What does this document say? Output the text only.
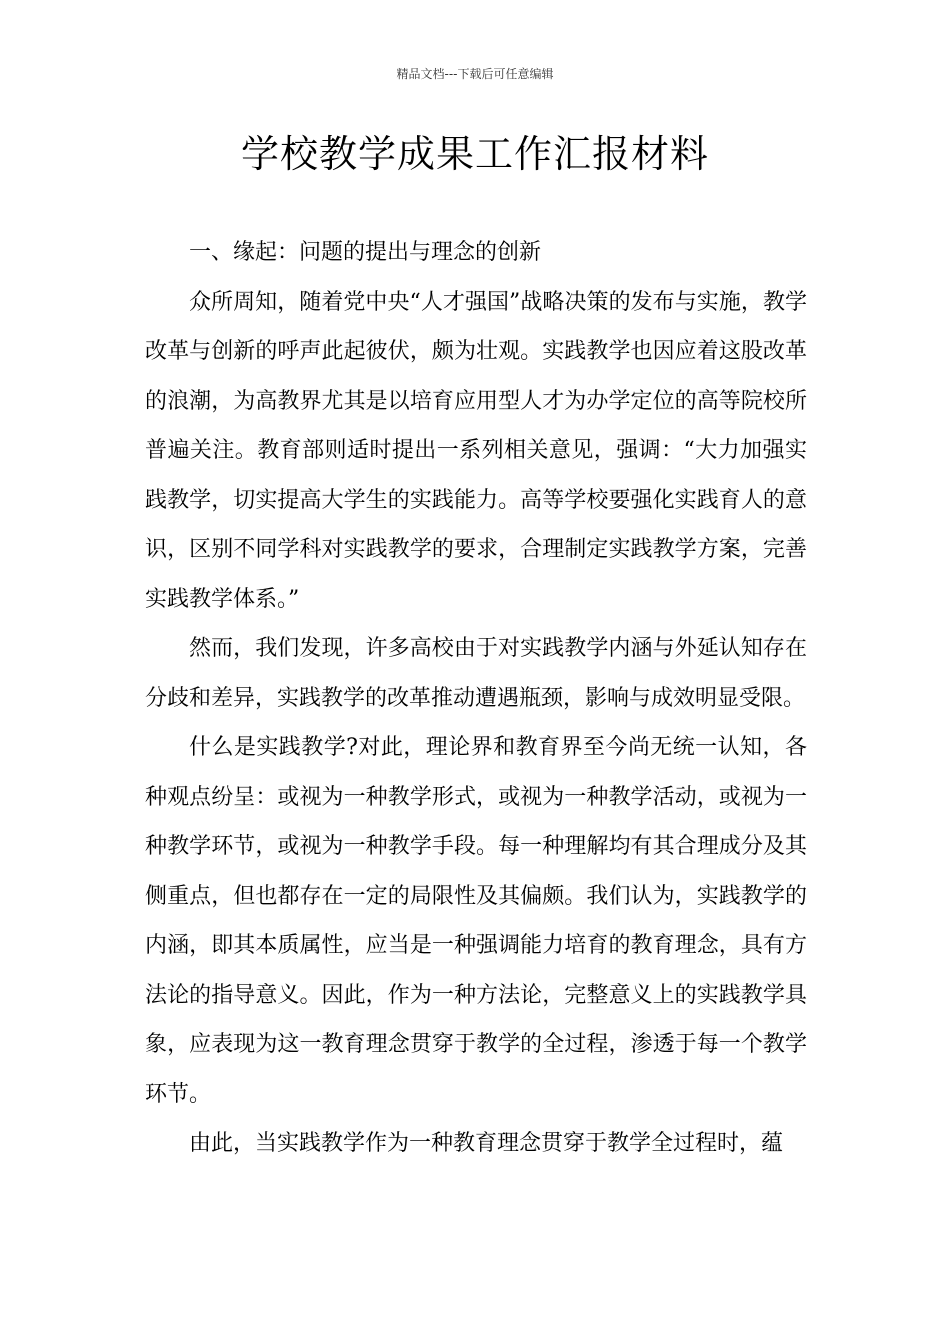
精品文档---下载后可任意编辑
学校教学成果工作汇报材料

一、缘起：问题的提出与理念的创新

众所周知，随着党中央“人才强国”战略决策的发布与实施，教学改革与创新的呼声此起彼伏，颇为壮观。实践教学也因应着这股改革的浪潮，为高教界尤其是以培育应用型人才为办学定位的高等院校所普遍关注。教育部则适时提出一系列相关意见，强调：“大力加强实践教学，切实提高大学生的实践能力。高等学校要强化实践育人的意识，区别不同学科对实践教学的要求，合理制定实践教学方案，完善实践教学体系。”

然而，我们发现，许多高校由于对实践教学内涵与外延认知存在分歧和差异，实践教学的改革推动遭遇瓶颈，影响与成效明显受限。

什么是实践教学?对此，理论界和教育界至今尚无统一认知，各种观点纷呈：或视为一种教学形式，或视为一种教学活动，或视为一种教学环节，或视为一种教学手段。每一种理解均有其合理成分及其侧重点，但也都存在一定的局限性及其偏颇。我们认为，实践教学的内涵，即其本质属性，应当是一种强调能力培育的教育理念，具有方法论的指导意义。因此，作为一种方法论，完整意义上的实践教学具象，应表现为这一教育理念贯穿于教学的全过程，渗透于每一个教学环节。

由此，当实践教学作为一种教育理念贯穿于教学全过程时，蕴
